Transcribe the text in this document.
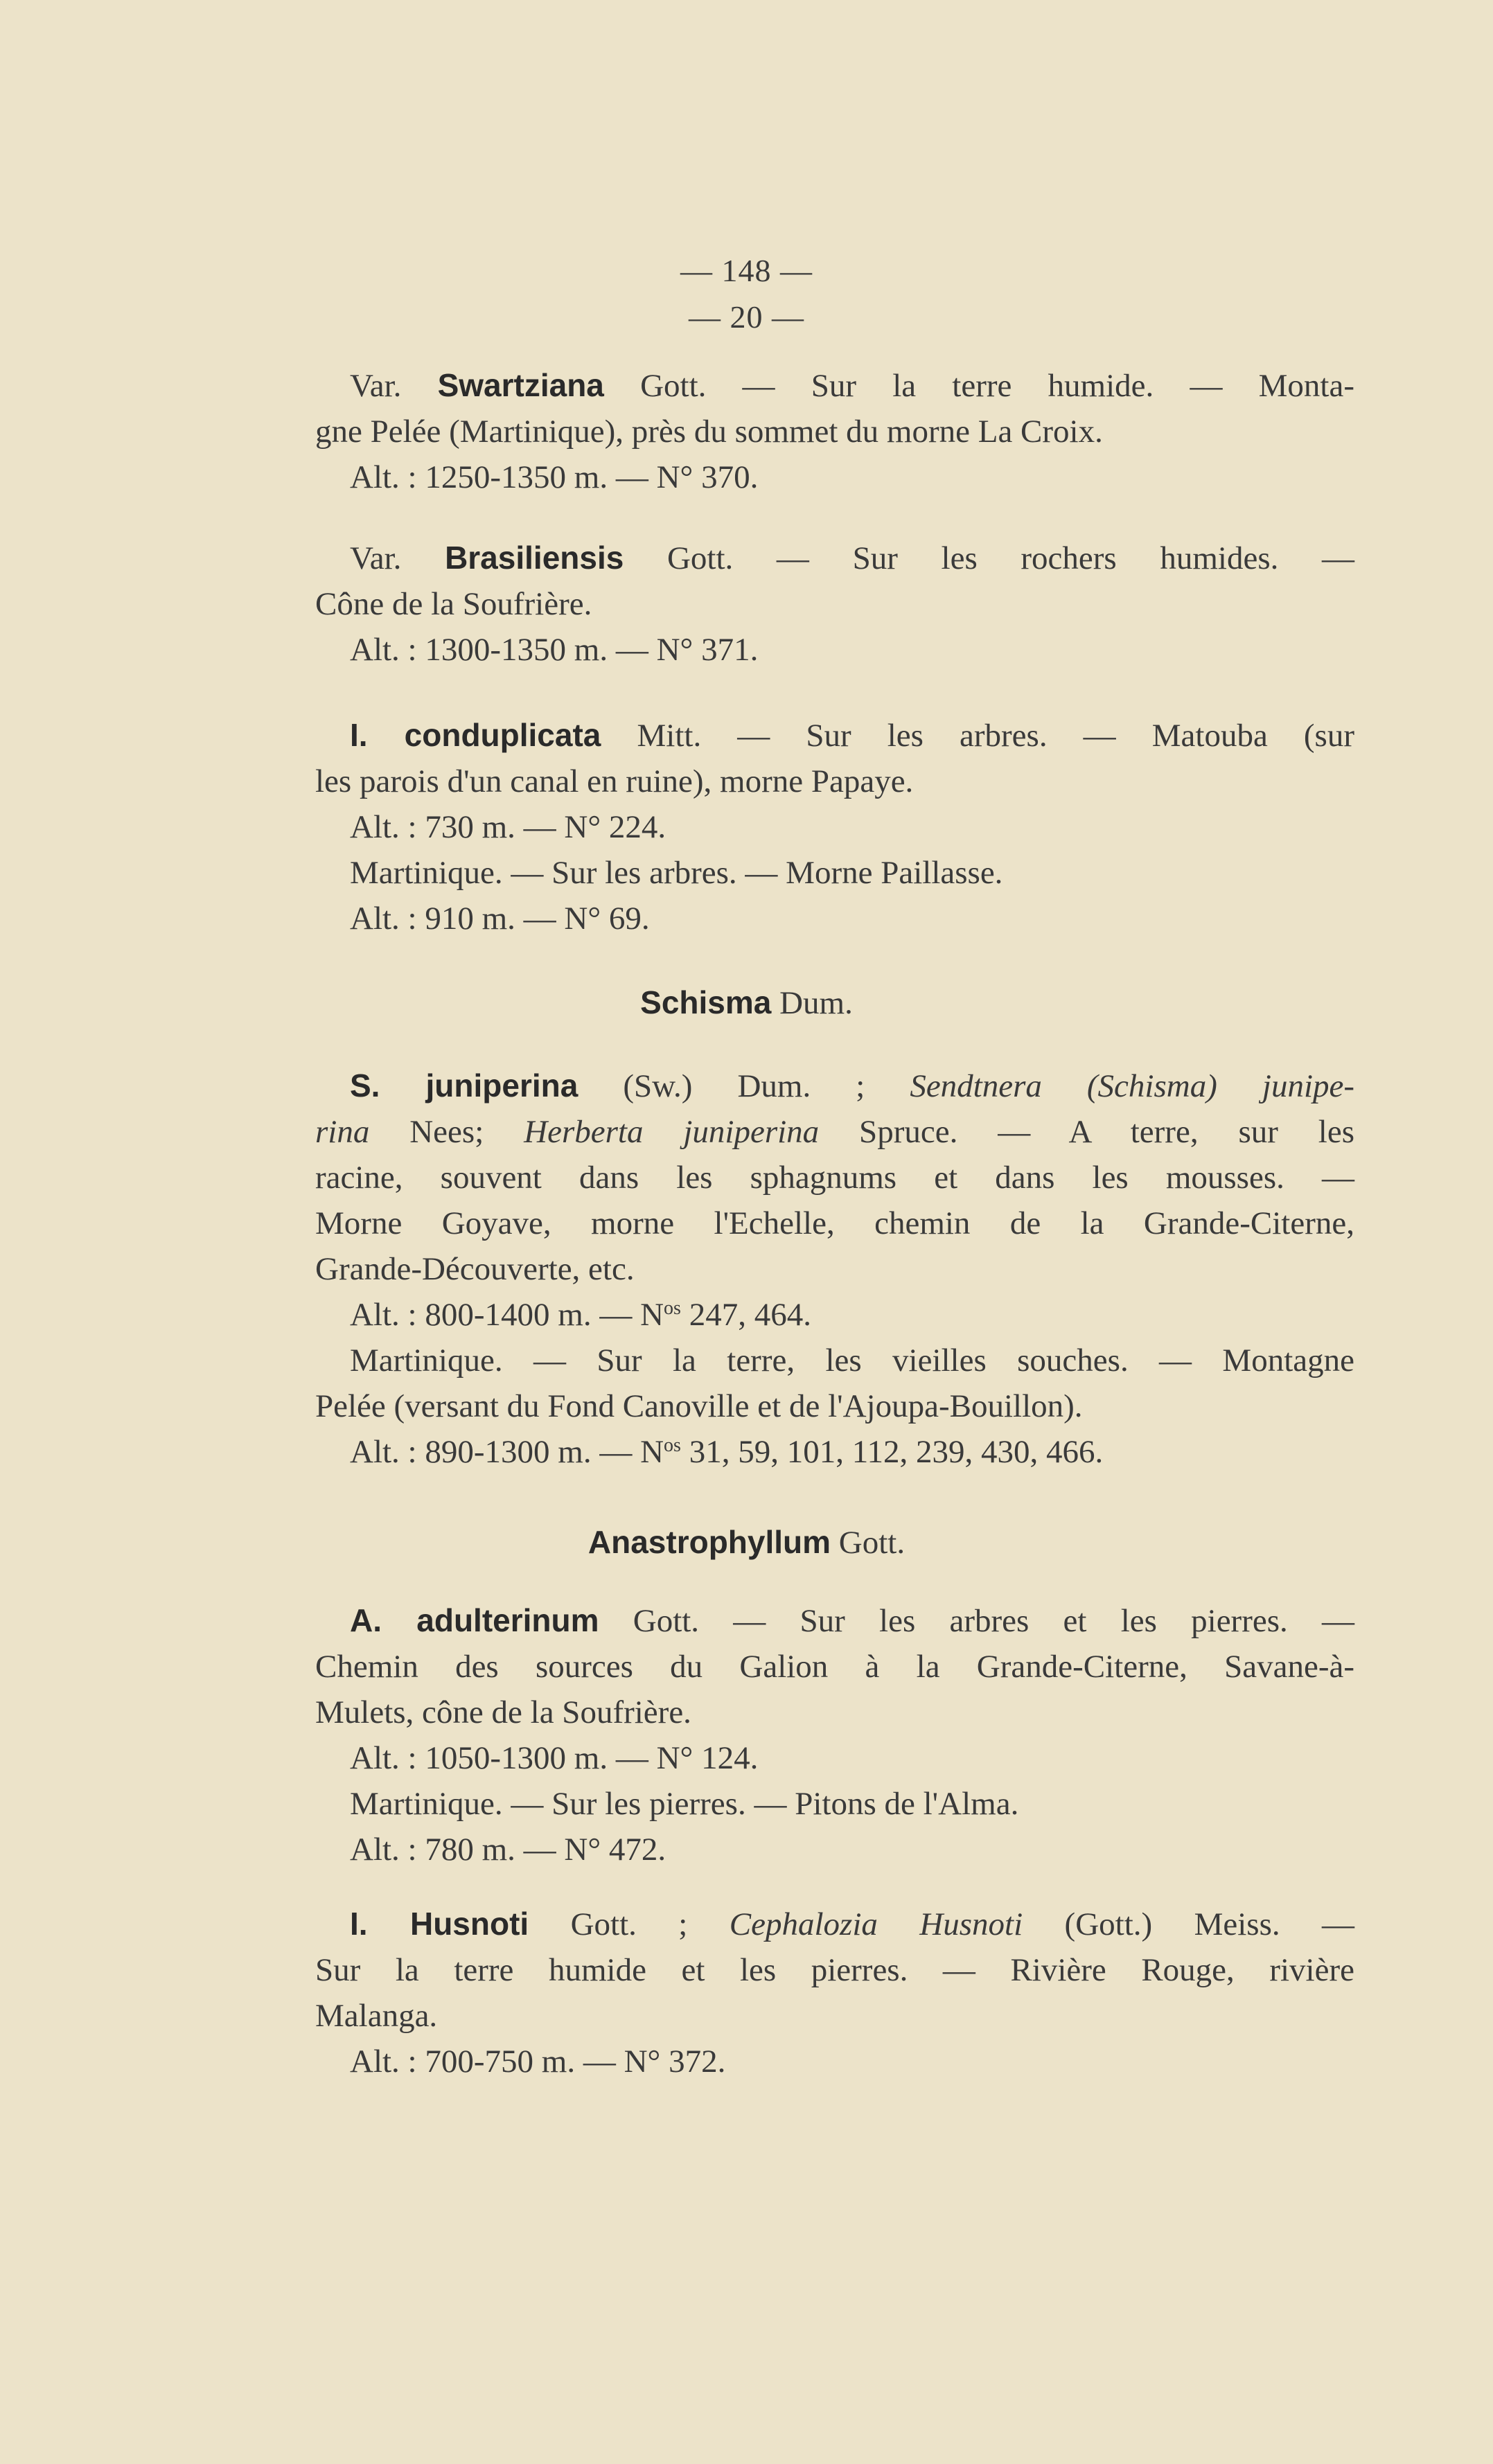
— 148 —
— 20 —
Var. Swartziana Gott. — Sur la terre humide. — Monta-
gne Pelée (Martinique), près du sommet du morne La Croix.
Alt. : 1250-1350 m. — N° 370.
Var. Brasiliensis Gott. — Sur les rochers humides. —
Cône de la Soufrière.
Alt. : 1300-1350 m. — N° 371.
I. conduplicata Mitt. — Sur les arbres. — Matouba (sur
les parois d'un canal en ruine), morne Papaye.
Alt. : 730 m. — N° 224.
Martinique. — Sur les arbres. — Morne Paillasse.
Alt. : 910 m. — N° 69.
Schisma Dum.
S. juniperina (Sw.) Dum. ; Sendtnera (Schisma) junipe-
rina Nees; Herberta juniperina Spruce. — A terre, sur les
racine, souvent dans les sphagnums et dans les mousses. —
Morne Goyave, morne l'Echelle, chemin de la Grande-Citerne,
Grande-Découverte, etc.
Alt. : 800-1400 m. — $N^{os}$ 247, 464.
Martinique. — Sur la terre, les vieilles souches. — Montagne
Pelée (versant du Fond Canoville et de l'Ajoupa-Bouillon).
Alt. : 890-1300 m. — $N^{os}$ 31, 59, 101, 112, 239, 430, 466.
Anastrophyllum Gott.
A. adulterinum Gott. — Sur les arbres et les pierres. —
Chemin des sources du Galion à la Grande-Citerne, Savane-à-
Mulets, cône de la Soufrière.
Alt. : 1050-1300 m. — N° 124.
Martinique. — Sur les pierres. — Pitons de l'Alma.
Alt. : 780 m. — N° 472.
I. Husnoti Gott. ; Cephalozia Husnoti (Gott.) Meiss. —
Sur la terre humide et les pierres. — Rivière Rouge, rivière
Malanga.
Alt. : 700-750 m. — N° 372.
